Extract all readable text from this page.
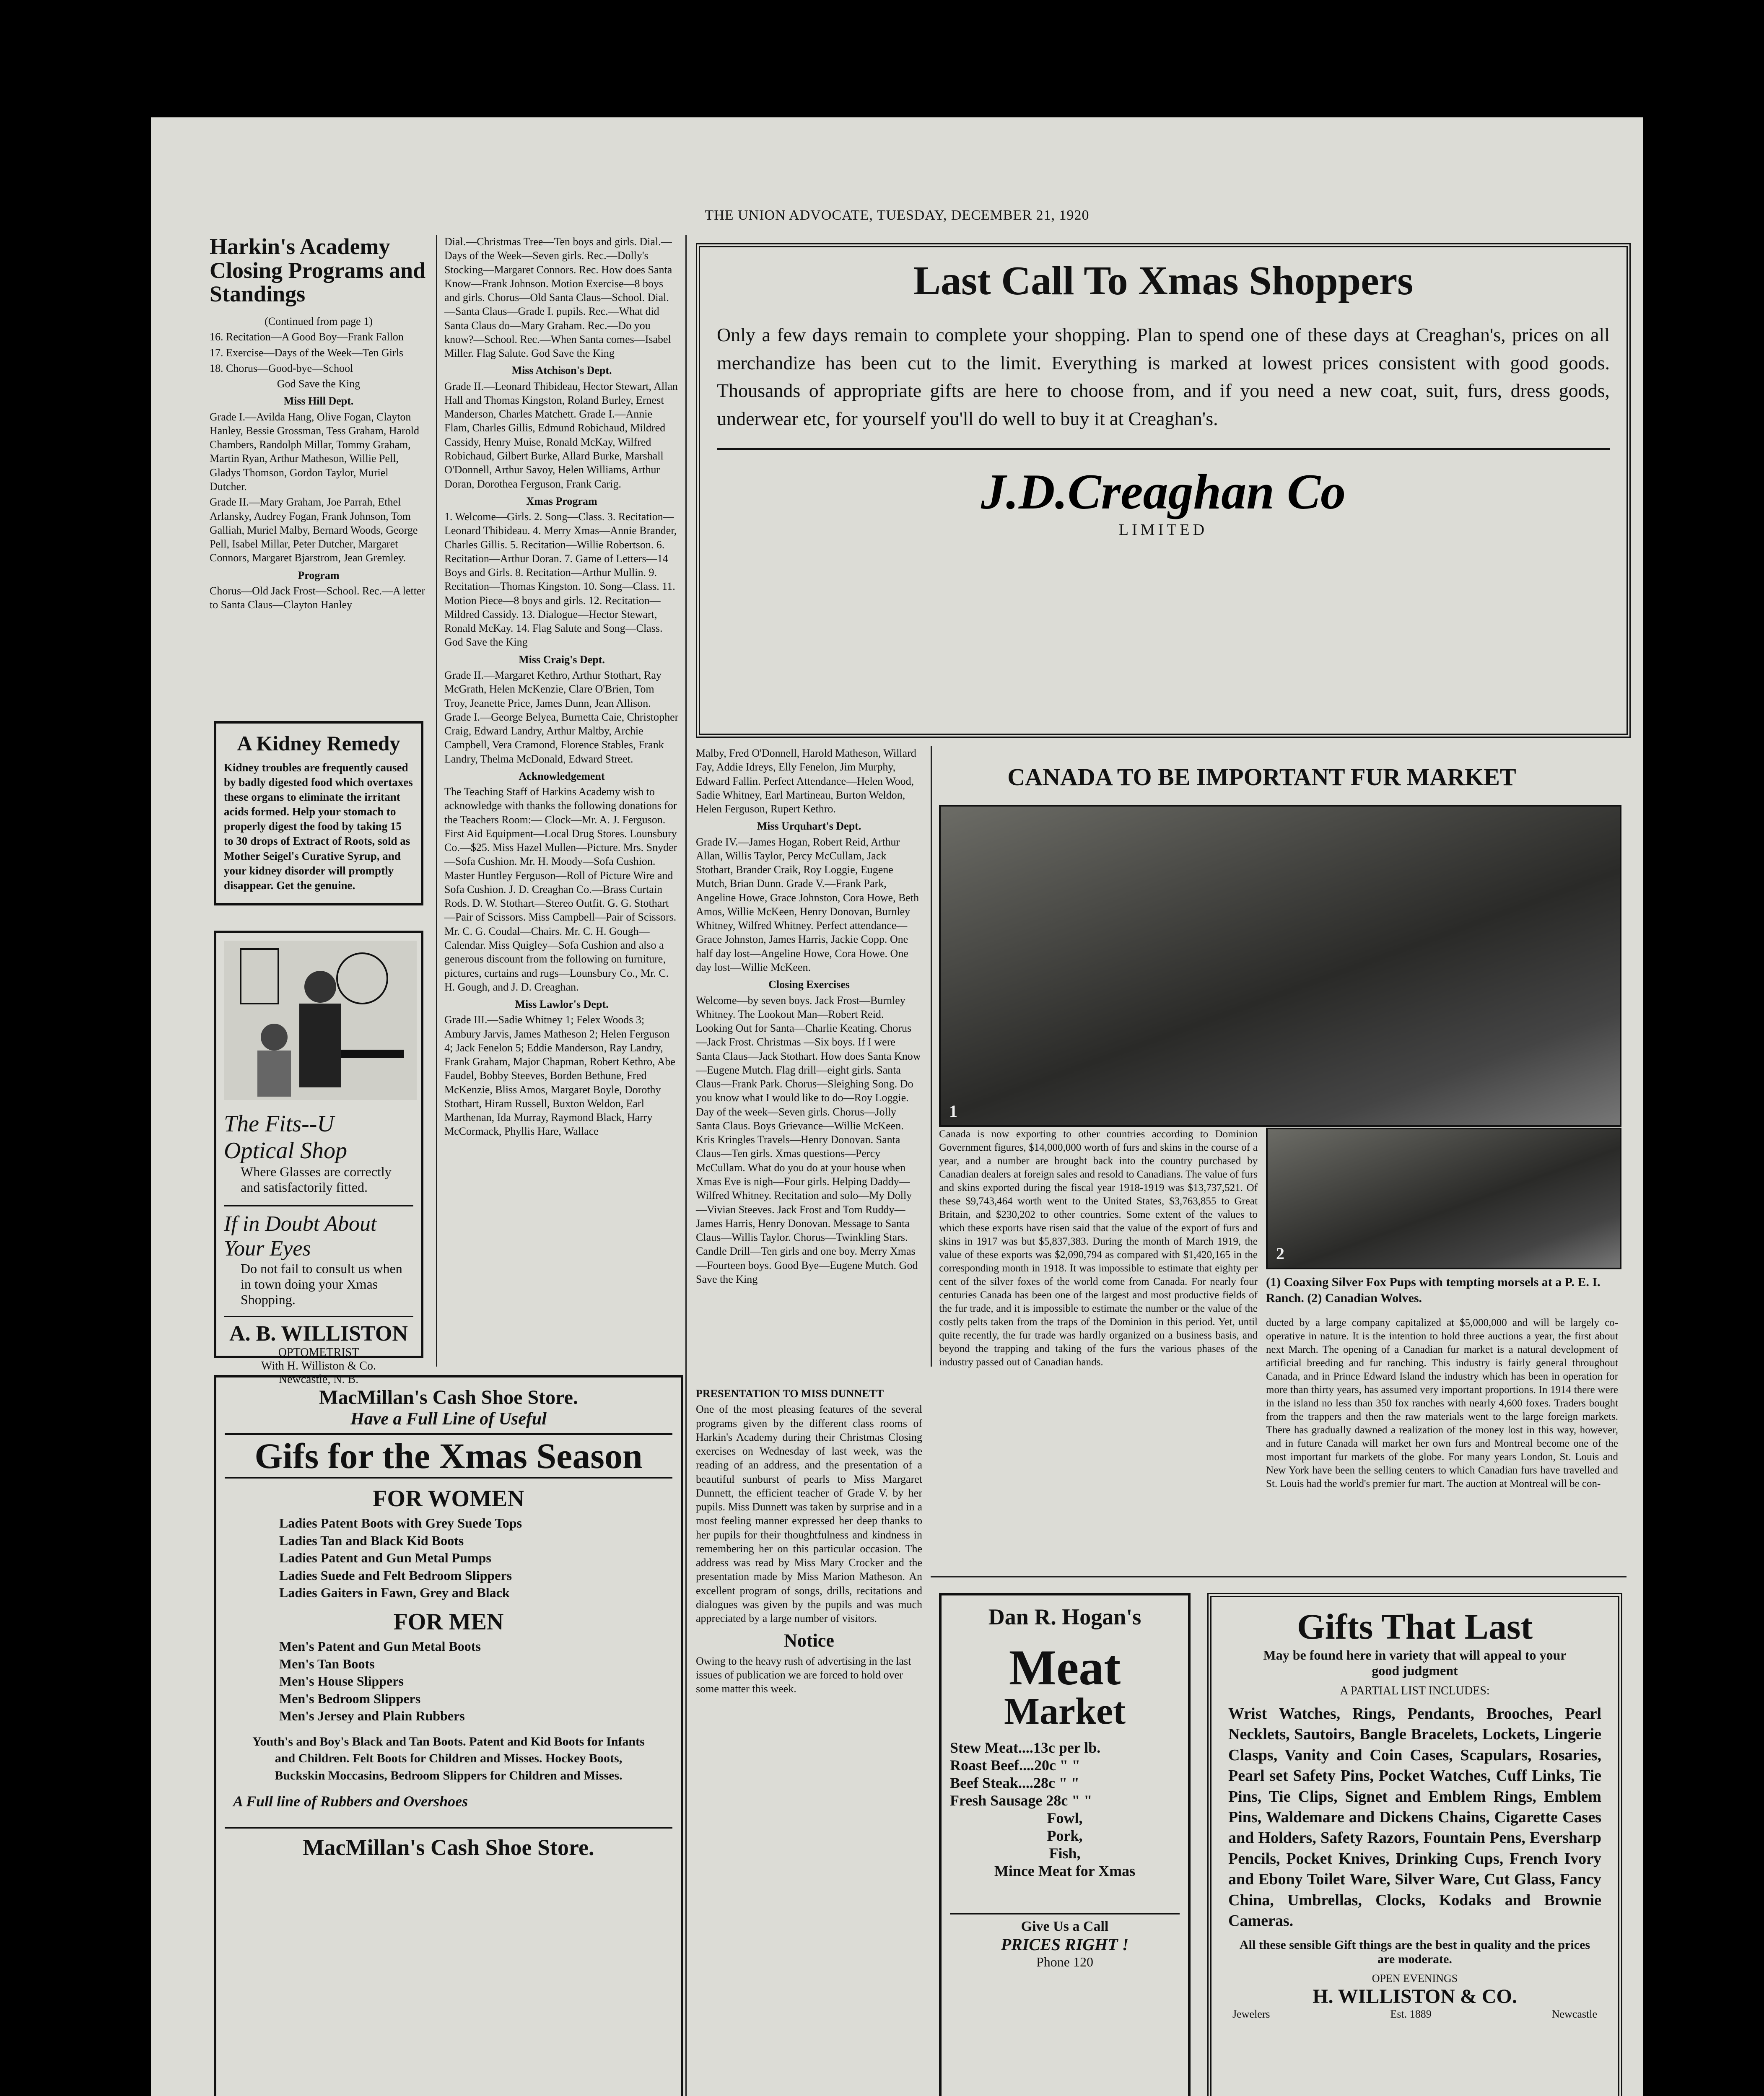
THE UNION ADVOCATE, TUESDAY, DECEMBER 21, 1920
Harkin's Academy Closing Programs and Standings

(Continued from page 1)

16. Recitation—A Good Boy—Frank Fallon

17. Exercise—Days of the Week—Ten Girls

18. Chorus—Good-bye—School

God Save the King

Miss Hill Dept.

Grade I.—Avilda Hang, Olive Fogan, Clayton Hanley, Bessie Grossman, Tess Graham, Harold Chambers, Randolph Millar, Tommy Graham, Martin Ryan, Arthur Matheson, Willie Pell, Gladys Thomson, Gordon Taylor, Muriel Dutcher.

Grade II.—Mary Graham, Joe Parrah, Ethel Arlansky, Audrey Fogan, Frank Johnson, Tom Galliah, Muriel Malby, Bernard Woods, George Pell, Isabel Millar, Peter Dutcher, Margaret Connors, Margaret Bjarstrom, Jean Gremley.

Program

Chorus—Old Jack Frost—School. Rec.—A letter to Santa Claus—Clayton Hanley

A Kidney Remedy
Kidney troubles are frequently caused by badly digested food which overtaxes these organs to eliminate the irritant acids formed. Help your stomach to properly digest the food by taking 15 to 30 drops of Extract of Roots, sold as Mother Seigel's Curative Syrup, and your kidney disorder will promptly disappear. Get the genuine.
The Fits--U
Optical Shop
Where Glasses are correctly and satisfactorily fitted.
If in Doubt About Your Eyes
Do not fail to consult us when in town doing your Xmas Shopping.
A. B. WILLISTON
OPTOMETRIST
With H. Williston & Co.
Newcastle, N. B.

Dial.—Christmas Tree—Ten boys and girls. Dial.—Days of the Week—Seven girls. Rec.—Dolly's Stocking—Margaret Connors. Rec. How does Santa Know—Frank Johnson. Motion Exercise—8 boys and girls. Chorus—Old Santa Claus—School. Dial.—Santa Claus—Grade I. pupils. Rec.—What did Santa Claus do—Mary Graham. Rec.—Do you know?—School. Rec.—When Santa comes—Isabel Miller. Flag Salute. God Save the King

Miss Atchison's Dept.

Grade II.—Leonard Thibideau, Hector Stewart, Allan Hall and Thomas Kingston, Roland Burley, Ernest Manderson, Charles Matchett. Grade I.—Annie Flam, Charles Gillis, Edmund Robichaud, Mildred Cassidy, Henry Muise, Ronald McKay, Wilfred Robichaud, Gilbert Burke, Allard Burke, Marshall O'Donnell, Arthur Savoy, Helen Williams, Arthur Doran, Dorothea Ferguson, Frank Carig.

Xmas Program

1. Welcome—Girls. 2. Song—Class. 3. Recitation—Leonard Thibideau. 4. Merry Xmas—Annie Brander, Charles Gillis. 5. Recitation—Willie Robertson. 6. Recitation—Arthur Doran. 7. Game of Letters—14 Boys and Girls. 8. Recitation—Arthur Mullin. 9. Recitation—Thomas Kingston. 10. Song—Class. 11. Motion Piece—8 boys and girls. 12. Recitation—Mildred Cassidy. 13. Dialogue—Hector Stewart, Ronald McKay. 14. Flag Salute and Song—Class. God Save the King

Miss Craig's Dept.

Grade II.—Margaret Kethro, Arthur Stothart, Ray McGrath, Helen McKenzie, Clare O'Brien, Tom Troy, Jeanette Price, James Dunn, Jean Allison. Grade I.—George Belyea, Burnetta Caie, Christopher Craig, Edward Landry, Arthur Maltby, Archie Campbell, Vera Cramond, Florence Stables, Frank Landry, Thelma McDonald, Edward Street.

Acknowledgement

The Teaching Staff of Harkins Academy wish to acknowledge with thanks the following donations for the Teachers Room:— Clock—Mr. A. J. Ferguson. First Aid Equipment—Local Drug Stores. Lounsbury Co.—$25. Miss Hazel Mullen—Picture. Mrs. Snyder—Sofa Cushion. Mr. H. Moody—Sofa Cushion. Master Huntley Ferguson—Roll of Picture Wire and Sofa Cushion. J. D. Creaghan Co.—Brass Curtain Rods. D. W. Stothart—Stereo Outfit. G. G. Stothart—Pair of Scissors. Miss Campbell—Pair of Scissors. Mr. C. G. Coudal—Chairs. Mr. C. H. Gough—Calendar. Miss Quigley—Sofa Cushion and also a generous discount from the following on furniture, pictures, curtains and rugs—Lounsbury Co., Mr. C. H. Gough, and J. D. Creaghan.

Miss Lawlor's Dept.

Grade III.—Sadie Whitney 1; Felex Woods 3; Ambury Jarvis, James Matheson 2; Helen Ferguson 4; Jack Fenelon 5; Eddie Manderson, Ray Landry, Frank Graham, Major Chapman, Robert Kethro, Abe Faudel, Bobby Steeves, Borden Bethune, Fred McKenzie, Bliss Amos, Margaret Boyle, Dorothy Stothart, Hiram Russell, Buxton Weldon, Earl Marthenan, Ida Murray, Raymond Black, Harry McCormack, Phyllis Hare, Wallace

Last Call To Xmas Shoppers
Only a few days remain to complete your shopping. Plan to spend one of these days at Creaghan's, prices on all merchandize has been cut to the limit. Everything is marked at lowest prices consistent with good goods. Thousands of appropriate gifts are here to choose from, and if you need a new coat, suit, furs, dress goods, underwear etc, for yourself you'll do well to buy it at Creaghan's.
J.D.Creaghan Co
LIMITED

Malby, Fred O'Donnell, Harold Matheson, Willard Fay, Addie Idreys, Elly Fenelon, Jim Murphy, Edward Fallin. Perfect Attendance—Helen Wood, Sadie Whitney, Earl Martineau, Burton Weldon, Helen Ferguson, Rupert Kethro.

Miss Urquhart's Dept.

Grade IV.—James Hogan, Robert Reid, Arthur Allan, Willis Taylor, Percy McCullam, Jack Stothart, Brander Craik, Roy Loggie, Eugene Mutch, Brian Dunn. Grade V.—Frank Park, Angeline Howe, Grace Johnston, Cora Howe, Beth Amos, Willie McKeen, Henry Donovan, Burnley Whitney, Wilfred Whitney. Perfect attendance—Grace Johnston, James Harris, Jackie Copp. One half day lost—Angeline Howe, Cora Howe. One day lost—Willie McKeen.

Closing Exercises

Welcome—by seven boys. Jack Frost—Burnley Whitney. The Lookout Man—Robert Reid. Looking Out for Santa—Charlie Keating. Chorus—Jack Frost. Christmas —Six boys. If I were Santa Claus—Jack Stothart. How does Santa Know—Eugene Mutch. Flag drill—eight girls. Santa Claus—Frank Park. Chorus—Sleighing Song. Do you know what I would like to do—Roy Loggie. Day of the week—Seven girls. Chorus—Jolly Santa Claus. Boys Grievance—Willie McKeen. Kris Kringles Travels—Henry Donovan. Santa Claus—Ten girls. Xmas questions—Percy McCullam. What do you do at your house when Xmas Eve is nigh—Four girls. Helping Daddy—Wilfred Whitney. Recitation and solo—My Dolly—Vivian Steeves. Jack Frost and Tom Ruddy—James Harris, Henry Donovan. Message to Santa Claus—Willis Taylor. Chorus—Twinkling Stars. Candle Drill—Ten girls and one boy. Merry Xmas—Fourteen boys. Good Bye—Eugene Mutch. God Save the King

CANADA TO BE IMPORTANT FUR MARKET
1
2

Canada is now exporting to other countries according to Dominion Government figures, $14,000,000 worth of furs and skins in the course of a year, and a number are brought back into the country purchased by Canadian dealers at foreign sales and resold to Canadians. The value of furs and skins exported during the fiscal year 1918-1919 was $13,737,521. Of these $9,743,464 worth went to the United States, $3,763,855 to Great Britain, and $230,202 to other countries. Some extent of the values to which these exports have risen said that the value of the export of furs and skins in 1917 was but $5,837,383. During the month of March 1919, the value of these exports was $2,090,794 as compared with $1,420,165 in the corresponding month in 1918. It was impossible to estimate that eighty per cent of the silver foxes of the world come from Canada. For nearly four centuries Canada has been one of the largest and most productive fields of the fur trade, and it is impossible to estimate the number or the value of the costly pelts taken from the traps of the Dominion in this period. Yet, until quite recently, the fur trade was hardly organized on a business basis, and beyond the trapping and taking of the furs the various phases of the industry passed out of Canadian hands.

(1) Coaxing Silver Fox Pups with tempting morsels at a P. E. I. Ranch. (2) Canadian Wolves.

ducted by a large company capitalized at $5,000,000 and will be largely co-operative in nature. It is the intention to hold three auctions a year, the first about next March. The opening of a Canadian fur market is a natural development of artificial breeding and fur ranching. This industry is fairly general throughout Canada, and in Prince Edward Island the industry which has been in operation for more than thirty years, has assumed very important proportions. In 1914 there were in the island no less than 350 fox ranches with nearly 4,600 foxes. Traders bought from the trappers and then the raw materials went to the large foreign markets. There has gradually dawned a realization of the money lost in this way, however, and in future Canada will market her own furs and Montreal become one of the most important fur markets of the globe. For many years London, St. Louis and New York have been the selling centers to which Canadian furs have travelled and St. Louis had the world's premier fur mart. The auction at Montreal will be con-

PRESENTATION TO MISS DUNNETT

One of the most pleasing features of the several programs given by the different class rooms of Harkin's Academy during their Christmas Closing exercises on Wednesday of last week, was the reading of an address, and the presentation of a beautiful sunburst of pearls to Miss Margaret Dunnett, the efficient teacher of Grade V. by her pupils. Miss Dunnett was taken by surprise and in a most feeling manner expressed her deep thanks to her pupils for their thoughtfulness and kindness in remembering her on this particular occasion. The address was read by Miss Mary Crocker and the presentation made by Miss Marion Matheson. An excellent program of songs, drills, recitations and dialogues was given by the pupils and was much appreciated by a large number of visitors.

Notice

Owing to the heavy rush of advertising in the last issues of publication we are forced to hold over some matter this week.

MacMillan's Cash Shoe Store.
Have a Full Line of Useful
Gifs for the Xmas Season
FOR WOMEN
Ladies Patent Boots with Grey Suede Tops
Ladies Tan and Black Kid Boots
Ladies Patent and Gun Metal Pumps
Ladies Suede and Felt Bedroom Slippers
Ladies Gaiters in Fawn, Grey and Black
FOR MEN
Men's Patent and Gun Metal Boots
Men's Tan Boots
Men's House Slippers
Men's Bedroom Slippers
Men's Jersey and Plain Rubbers
Youth's and Boy's Black and Tan Boots. Patent and Kid Boots for Infants and Children. Felt Boots for Children and Misses. Hockey Boots, Buckskin Moccasins, Bedroom Slippers for Children and Misses.
A Full line of Rubbers and Overshoes
MacMillan's Cash Shoe Store.
Dan R. Hogan's
Meat
Market
Stew Meat....13c per lb.
Roast Beef....20c " "
Beef Steak....28c " "
Fresh Sausage 28c " "
Fowl,
Pork,
Fish,
Mince Meat for Xmas
Give Us a Call
PRICES RIGHT !
Phone 120
Gifts That Last
May be found here in variety that will appeal to your good judgment
A PARTIAL LIST INCLUDES:
Wrist Watches, Rings, Pendants, Brooches, Pearl Necklets, Sautoirs, Bangle Bracelets, Lockets, Lingerie Clasps, Vanity and Coin Cases, Scapulars, Rosaries, Pearl set Safety Pins, Pocket Watches, Cuff Links, Tie Pins, Tie Clips, Signet and Emblem Rings, Emblem Pins, Waldemare and Dickens Chains, Cigarette Cases and Holders, Safety Razors, Fountain Pens, Eversharp Pencils, Pocket Knives, Drinking Cups, French Ivory and Ebony Toilet Ware, Silver Ware, Cut Glass, Fancy China, Umbrellas, Clocks, Kodaks and Brownie Cameras.
All these sensible Gift things are the best in quality and the prices are moderate.
OPEN EVENINGS
H. WILLISTON & CO.
Jewelers	Est. 1889	Newcastle
